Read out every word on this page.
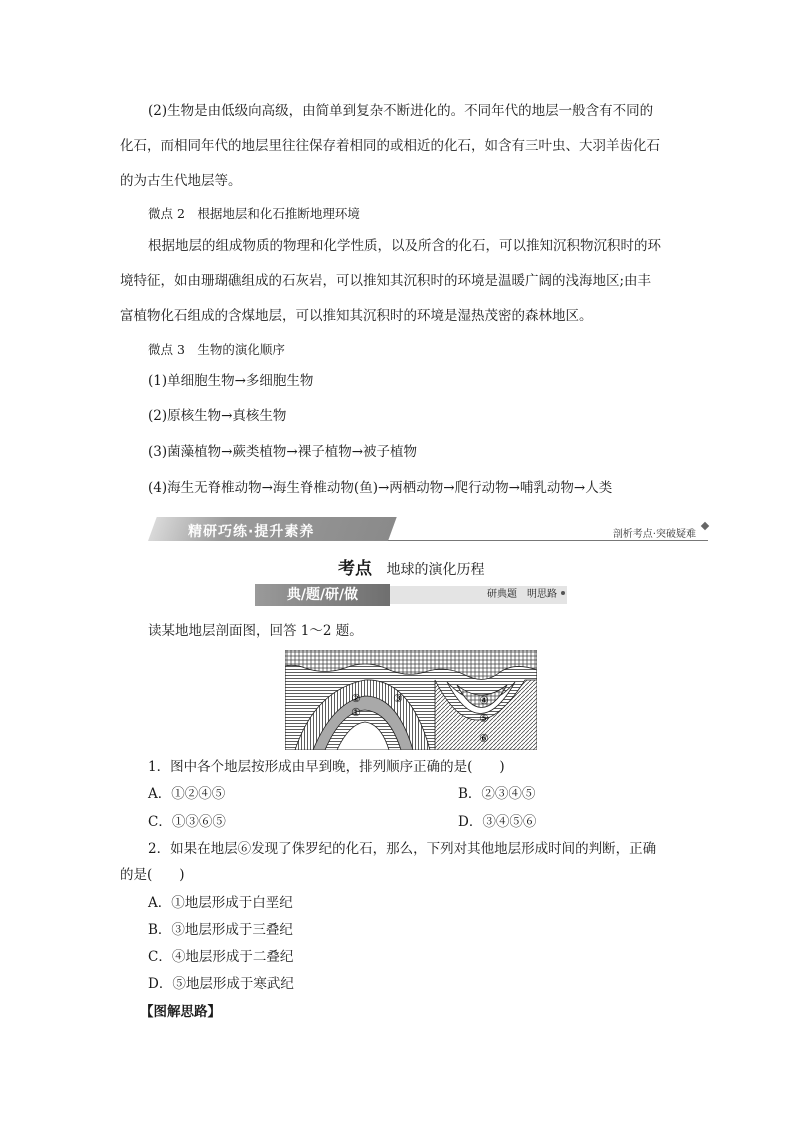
(2)生物是由低级向高级，由简单到复杂不断进化的。不同年代的地层一般含有不同的
化石，而相同年代的地层里往往保存着相同的或相近的化石，如含有三叶虫、大羽羊齿化石
的为古生代地层等。
微点 2　根据地层和化石推断地理环境
根据地层的组成物质的物理和化学性质，以及所含的化石，可以推知沉积物沉积时的环
境特征，如由珊瑚礁组成的石灰岩，可以推知其沉积时的环境是温暖广阔的浅海地区;由丰
富植物化石组成的含煤地层，可以推知其沉积时的环境是湿热茂密的森林地区。
微点 3　生物的演化顺序
(1)单细胞生物→多细胞生物
(2)原核生物→真核生物
(3)菌藻植物→蕨类植物→裸子植物→被子植物
(4)海生无脊椎动物→海生脊椎动物(鱼)→两栖动物→爬行动物→哺乳动物→人类
精研巧练·提升素养	剖析考点·突破疑难
考点 地球的演化历程
典/题/研/做	研典题　明思路
读某地地层剖面图，回答 1～2 题。
②
①
③	④
⑤
⑥
1．图中各个地层按形成由早到晚，排列顺序正确的是(　　)
A．①②④⑤	B．②③④⑤
C．①③⑥⑤	D．③④⑤⑥
2．如果在地层⑥发现了侏罗纪的化石，那么，下列对其他地层形成时间的判断，正确
的是(　　)
A．①地层形成于白垩纪
B．③地层形成于三叠纪
C．④地层形成于二叠纪
D．⑤地层形成于寒武纪
【图解思路】
